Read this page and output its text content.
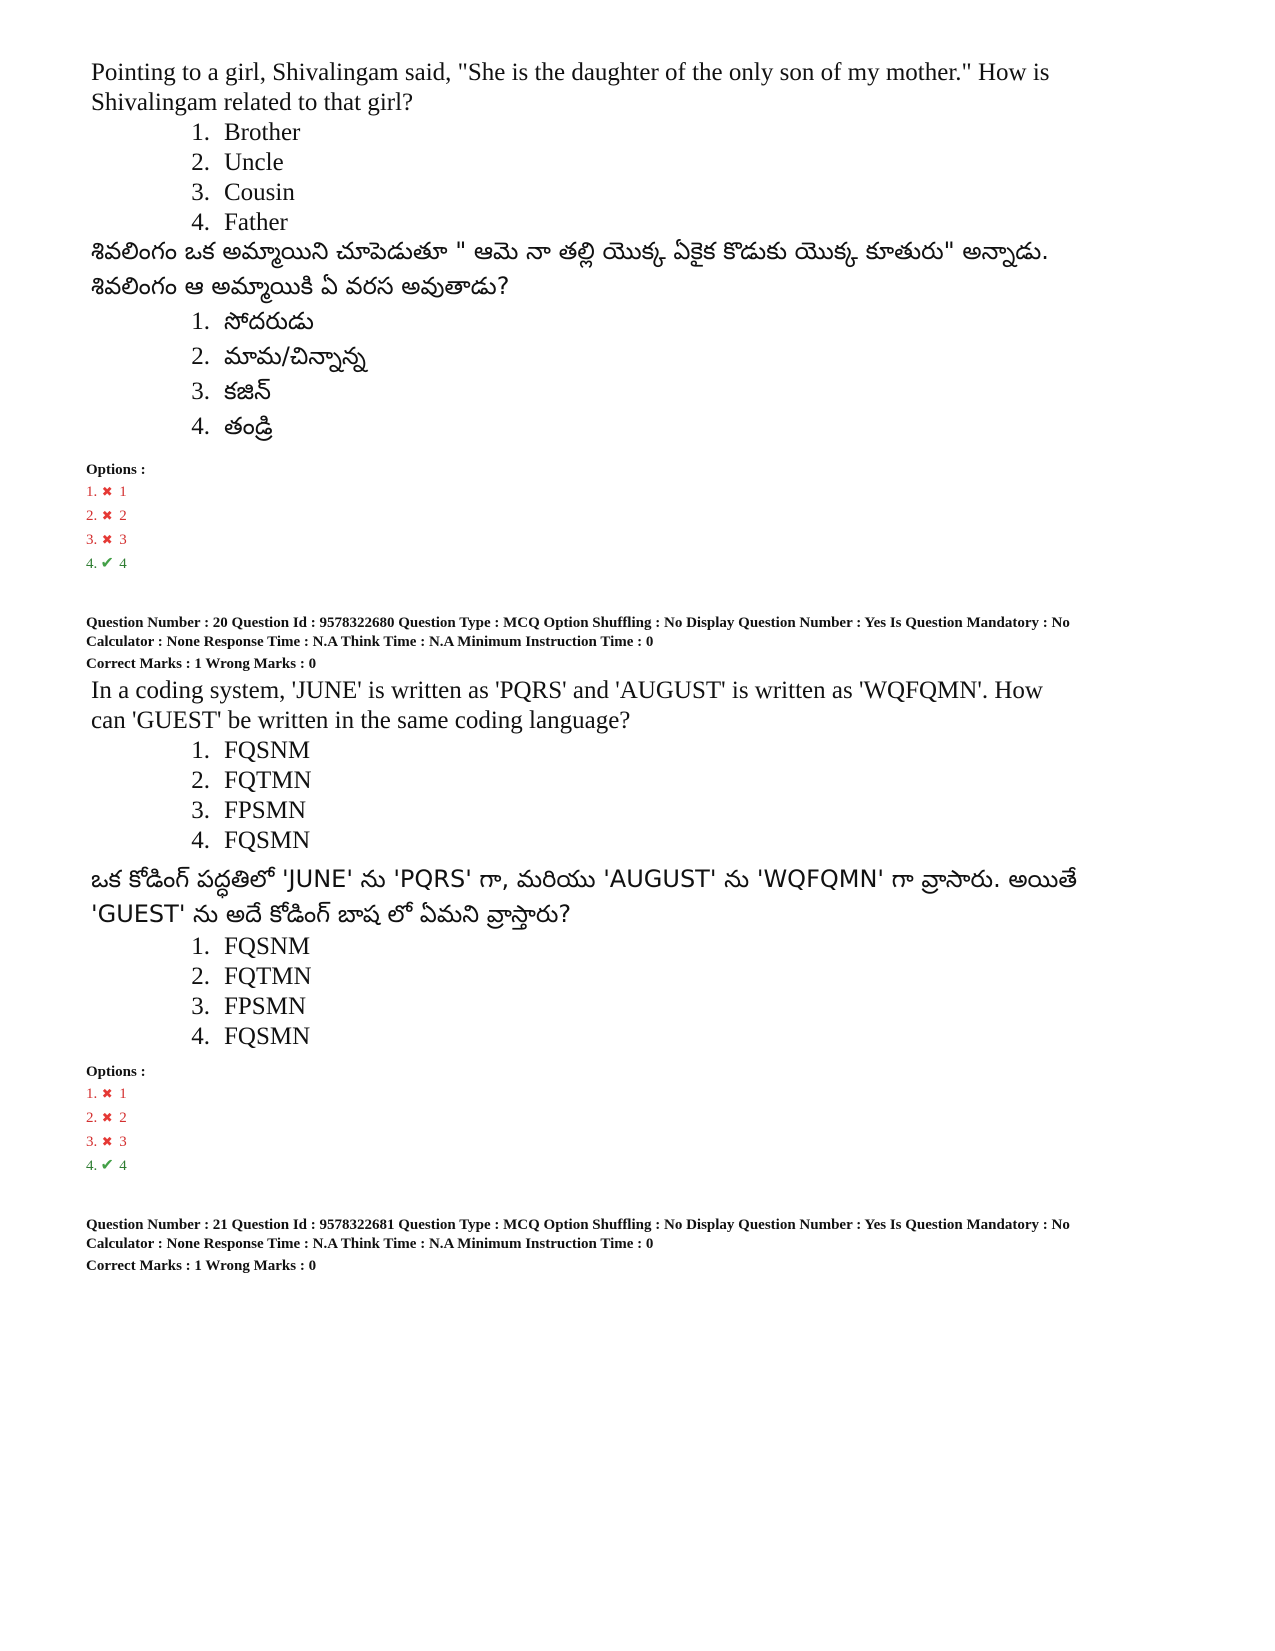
Pointing to a girl, Shivalingam said, "She is the daughter of the only son of my mother." How is Shivalingam related to that girl?

1. Brother
2. Uncle
3. Cousin
4. Father

శివలింగం ఒక అమ్మాయిని చూపెడుతూ " ఆమె నా తల్లి యొక్క ఏకైక కొడుకు యొక్క కూతురు" అన్నాడు. శివలింగం ఆ అమ్మాయికి ఏ వరస అవుతాడు?

1. సోదరుడు
2. మామ/చిన్నాన్న
3. కజిన్
4. తండ్రి

Options :

1. ✖ 1
2. ✖ 2
3. ✖ 3
4. ✔ 4

Question Number : 20 Question Id : 9578322680 Question Type : MCQ Option Shuffling : No Display Question Number : Yes Is Question Mandatory : No

Calculator : None Response Time : N.A Think Time : N.A Minimum Instruction Time : 0

Correct Marks : 1 Wrong Marks : 0

In a coding system, 'JUNE' is written as 'PQRS' and 'AUGUST' is written as 'WQFQMN'. How can 'GUEST' be written in the same coding language?

1. FQSNM
2. FQTMN
3. FPSMN
4. FQSMN

ఒక కోడింగ్ పద్ధతిలో 'JUNE' ను 'PQRS' గా, మరియు 'AUGUST' ను 'WQFQMN' గా వ్రాసారు. అయితే 'GUEST' ను అదే కోడింగ్ బాష లో ఏమని వ్రాస్తారు?

1. FQSNM
2. FQTMN
3. FPSMN
4. FQSMN

Options :

1. ✖ 1
2. ✖ 2
3. ✖ 3
4. ✔ 4

Question Number : 21 Question Id : 9578322681 Question Type : MCQ Option Shuffling : No Display Question Number : Yes Is Question Mandatory : No

Calculator : None Response Time : N.A Think Time : N.A Minimum Instruction Time : 0

Correct Marks : 1 Wrong Marks : 0
